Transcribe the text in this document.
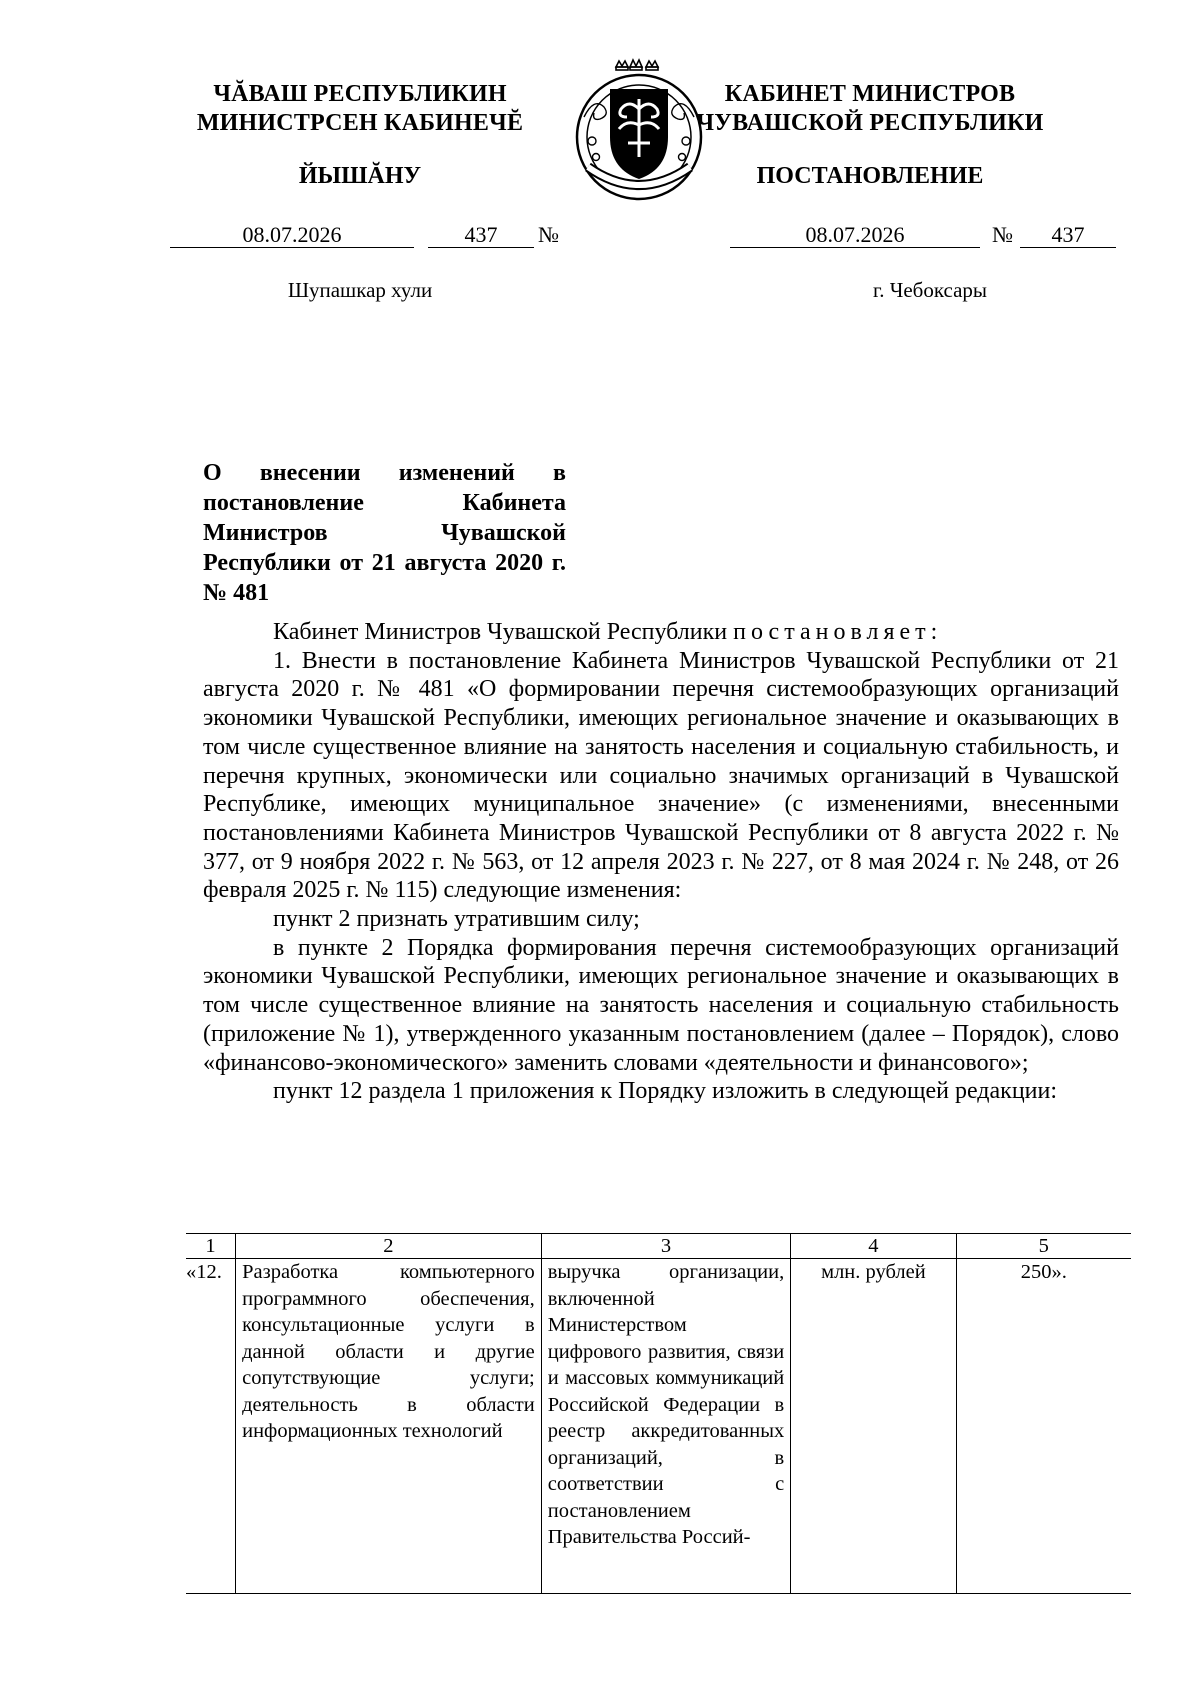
ЧĂВАШ РЕСПУБЛИКИН
МИНИСТРСЕН КАБИНЕЧĔ
ЙЫШĂНУ
КАБИНЕТ МИНИСТРОВ
ЧУВАШСКОЙ РЕСПУБЛИКИ
ПОСТАНОВЛЕНИЕ
08.07.2026	437	№	08.07.2026	№	437
Шупашкар хули	г. Чебоксары
О внесении изменений в постановление Кабинета Министров Чувашской Республики от 21 августа 2020 г. № 481

Кабинет Министров Чувашской Республики постановляет:

1. Внести в постановление Кабинета Министров Чувашской Республики от 21 августа 2020 г. № 481 «О формировании перечня системообразующих организаций экономики Чувашской Республики, имеющих региональное значение и оказывающих в том числе существенное влияние на занятость населения и социальную стабильность, и перечня крупных, экономически или социально значимых организаций в Чувашской Республике, имеющих муниципальное значение» (с изменениями, внесенными постановлениями Кабинета Министров Чувашской Республики от 8 августа 2022 г. № 377, от 9 ноября 2022 г. № 563, от 12 апреля 2023 г. № 227, от 8 мая 2024 г. № 248, от 26 февраля 2025 г. № 115) следующие изменения:

пункт 2 признать утратившим силу;

в пункте 2 Порядка формирования перечня системообразующих организаций экономики Чувашской Республики, имеющих региональное значение и оказывающих в том числе существенное влияние на занятость населения и социальную стабильность (приложение № 1), утвержденного указанным постановлением (далее – Порядок), слово «финансово-экономического» заменить словами «деятельности и финансового»;

пункт 12 раздела 1 приложения к Порядку изложить в следующей редакции:

1	2	3	4	5
«12.	Разработка компьютерного программного обеспечения, консультационные услуги в данной области и другие сопутствующие услуги; деятельность в области информационных технологий	выручка организации, включенной Министерством цифрового развития, связи и массовых коммуникаций Российской Федерации в реестр аккредитованных организаций, в соответствии с постановлением Правительства Россий-	млн. рублей	250».
